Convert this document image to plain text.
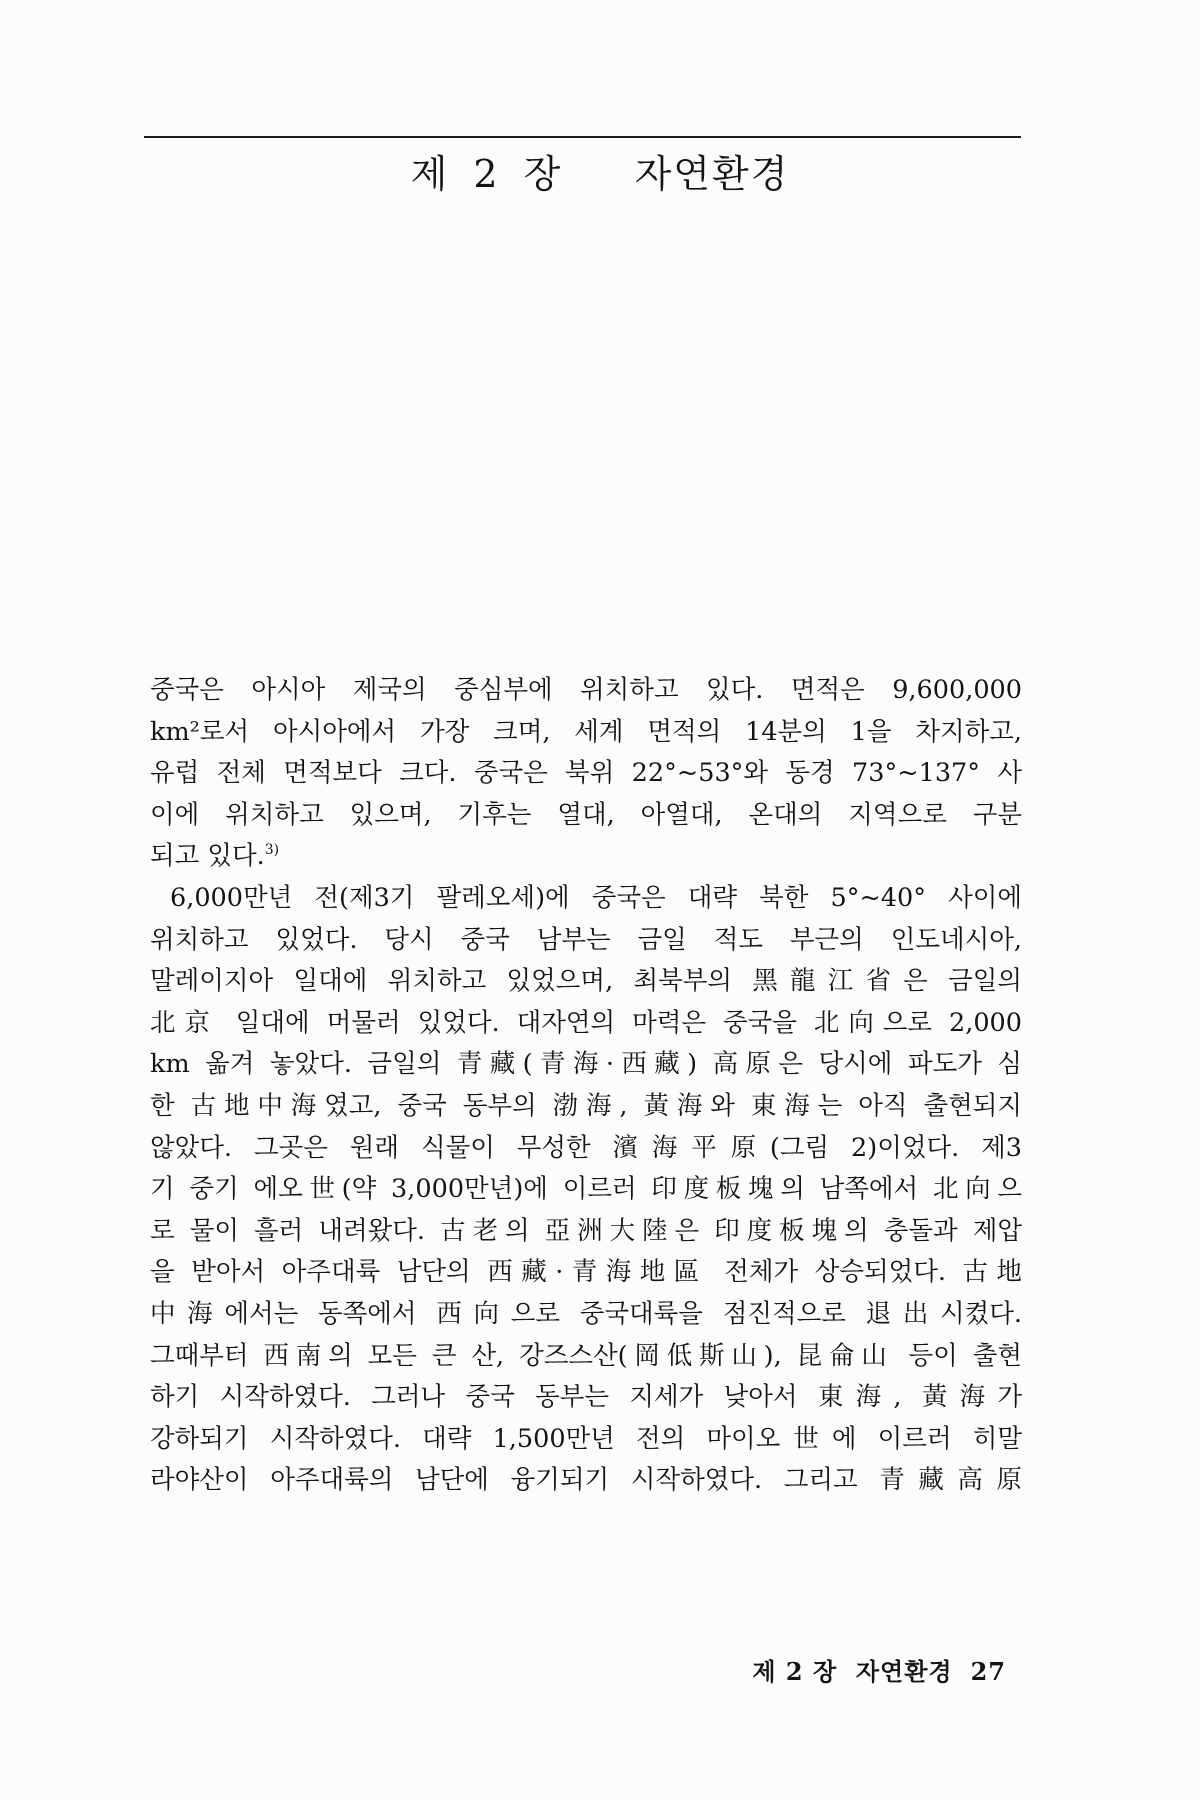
제 2 장   자연환경
중국은 아시아 제국의 중심부에 위치하고 있다. 면적은 9,600,000
km²로서 아시아에서 가장 크며, 세계 면적의 14분의 1을 차지하고,
유럽 전체 면적보다 크다. 중국은 북위 22°~53°와 동경 73°~137° 사
이에 위치하고 있으며, 기후는 열대, 아열대, 온대의 지역으로 구분
되고 있다.$^{3)}$
6,000만년 전(제3기 팔레오세)에 중국은 대략 북한 5°~40° 사이에
위치하고 있었다. 당시 중국 남부는 금일 적도 부근의 인도네시아,
말레이지아 일대에 위치하고 있었으며, 최북부의 黑龍江省은 금일의
北京 일대에 머물러 있었다. 대자연의 마력은 중국을 北向으로 2,000
km 옮겨 놓았다. 금일의 青藏(青海·西藏) 高原은 당시에 파도가 심
한 古地中海였고, 중국 동부의 渤海, 黃海와 東海는 아직 출현되지
않았다. 그곳은 원래 식물이 무성한 濱海平原(그림 2)이었다. 제3
기 중기 에오世(약 3,000만년)에 이르러 印度板塊의 남쪽에서 北向으
로 물이 흘러 내려왔다. 古老의 亞洲大陸은 印度板塊의 충돌과 제압
을 받아서 아주대륙 남단의 西藏·青海地區 전체가 상승되었다. 古地
中海에서는 동쪽에서 西向으로 중국대륙을 점진적으로 退出시켰다.
그때부터 西南의 모든 큰 산, 강즈스산(岡低斯山), 昆侖山 등이 출현
하기 시작하였다. 그러나 중국 동부는 지세가 낮아서 東海, 黃海가
강하되기 시작하였다. 대략 1,500만년 전의 마이오世에 이르러 히말
라야산이 아주대륙의 남단에 융기되기 시작하였다. 그리고 青藏高原
제 2 장  자연환경 27
